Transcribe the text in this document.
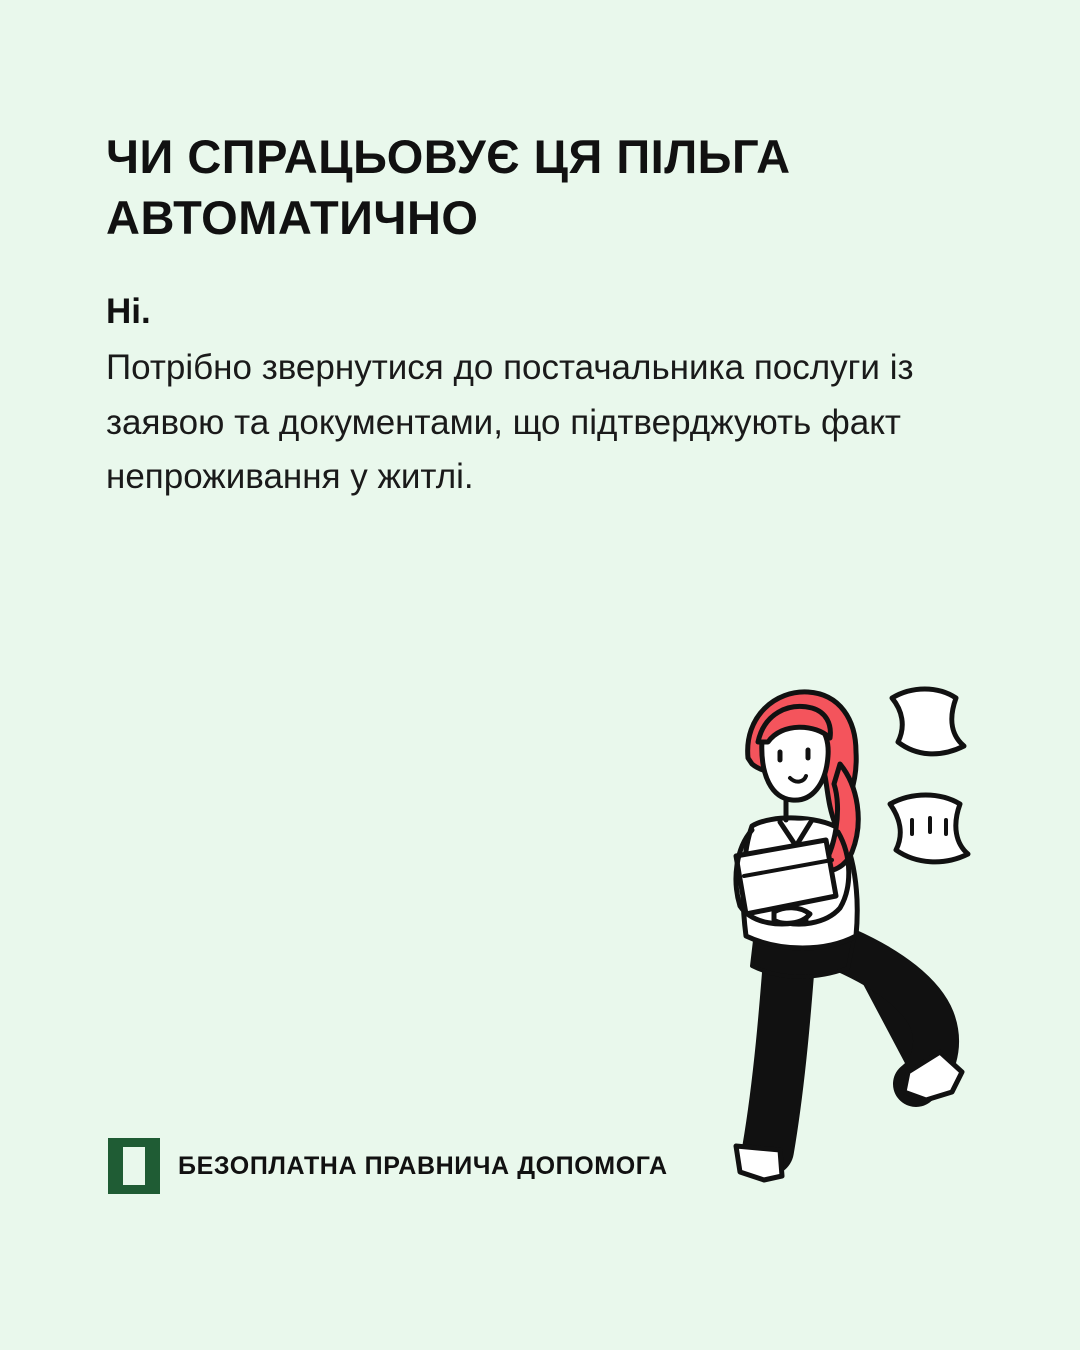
ЧИ СПРАЦЬОВУЄ ЦЯ ПІЛЬГА АВТОМАТИЧНО

Ні.

Потрібно звернутися до постачальника послуги із заявою та документами, що підтверджують факт непроживання у житлі.

БЕЗОПЛАТНА ПРАВНИЧА ДОПОМОГА
